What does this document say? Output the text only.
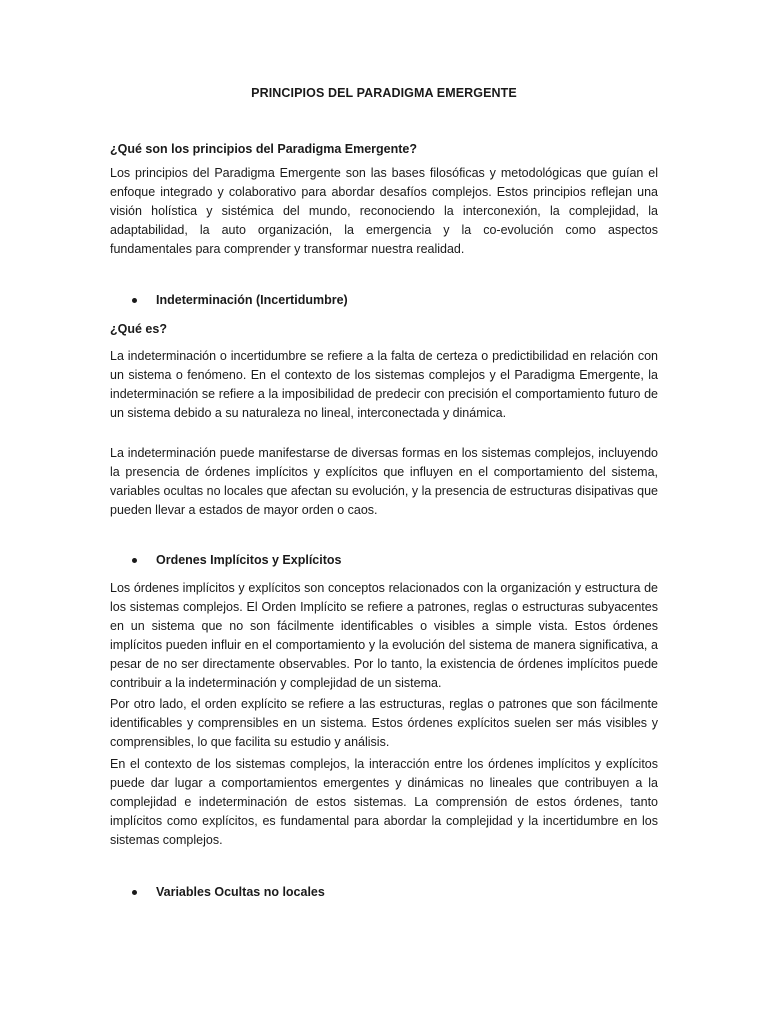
PRINCIPIOS DEL PARADIGMA EMERGENTE

¿Qué son los principios del Paradigma Emergente?

Los principios del Paradigma Emergente son las bases filosóficas y metodológicas que guían el enfoque integrado y colaborativo para abordar desafíos complejos. Estos principios reflejan una visión holística y sistémica del mundo, reconociendo la interconexión, la complejidad, la adaptabilidad, la auto organización, la emergencia y la co-evolución como aspectos fundamentales para comprender y transformar nuestra realidad.

Indeterminación (Incertidumbre)

¿Qué es?

La indeterminación o incertidumbre se refiere a la falta de certeza o predictibilidad en relación con un sistema o fenómeno. En el contexto de los sistemas complejos y el Paradigma Emergente, la indeterminación se refiere a la imposibilidad de predecir con precisión el comportamiento futuro de un sistema debido a su naturaleza no lineal, interconectada y dinámica.

La indeterminación puede manifestarse de diversas formas en los sistemas complejos, incluyendo la presencia de órdenes implícitos y explícitos que influyen en el comportamiento del sistema, variables ocultas no locales que afectan su evolución, y la presencia de estructuras disipativas que pueden llevar a estados de mayor orden o caos.

Ordenes Implícitos y Explícitos

Los órdenes implícitos y explícitos son conceptos relacionados con la organización y estructura de los sistemas complejos. El Orden Implícito se refiere a patrones, reglas o estructuras subyacentes en un sistema que no son fácilmente identificables o visibles a simple vista. Estos órdenes implícitos pueden influir en el comportamiento y la evolución del sistema de manera significativa, a pesar de no ser directamente observables. Por lo tanto, la existencia de órdenes implícitos puede contribuir a la indeterminación y complejidad de un sistema.

Por otro lado, el orden explícito se refiere a las estructuras, reglas o patrones que son fácilmente identificables y comprensibles en un sistema. Estos órdenes explícitos suelen ser más visibles y comprensibles, lo que facilita su estudio y análisis.

En el contexto de los sistemas complejos, la interacción entre los órdenes implícitos y explícitos puede dar lugar a comportamientos emergentes y dinámicas no lineales que contribuyen a la complejidad e indeterminación de estos sistemas. La comprensión de estos órdenes, tanto implícitos como explícitos, es fundamental para abordar la complejidad y la incertidumbre en los sistemas complejos.

Variables Ocultas no locales
